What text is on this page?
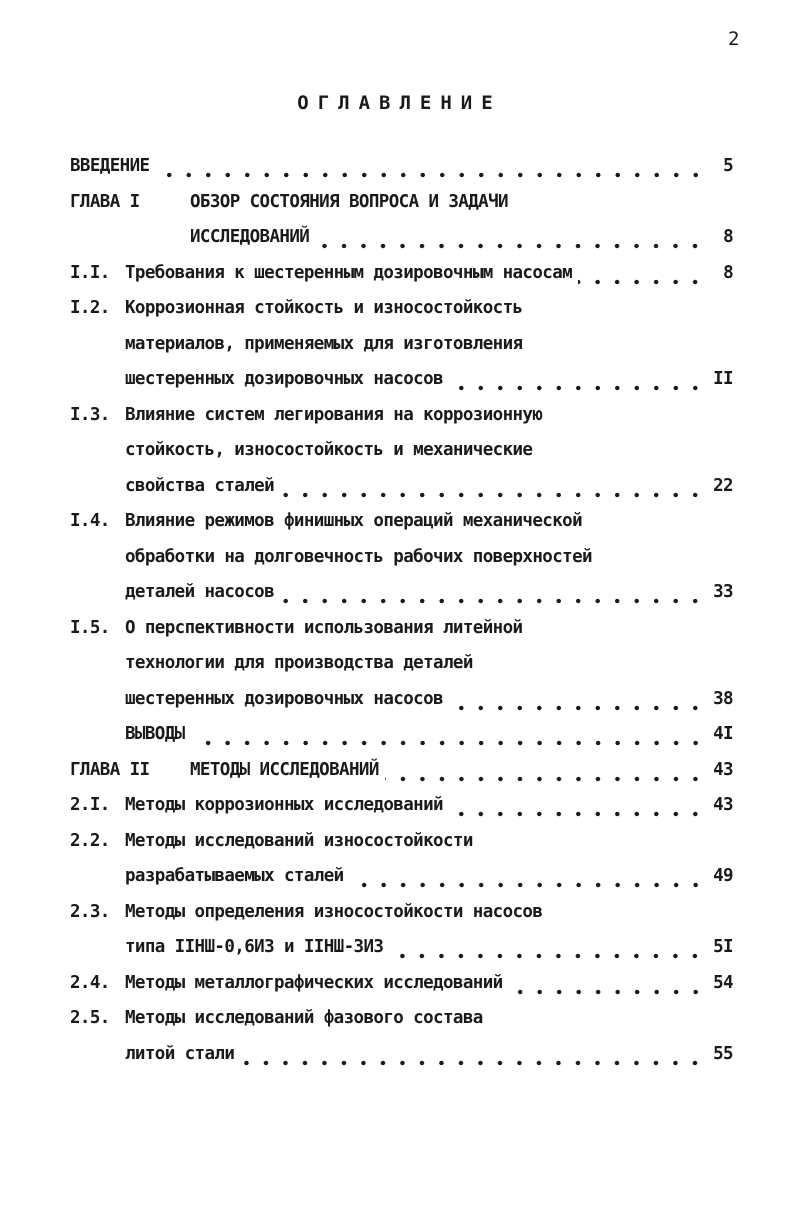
2
ОГЛАВЛЕНИЕ
ВВЕДЕНИЕ	5
ГЛАВА I	ОБЗОР СОСТОЯНИЯ ВОПРОСА И ЗАДАЧИ
ИССЛЕДОВАНИЙ	8
I.I. Требования к шестеренным дозировочным насосам	8
I.2. Коррозионная стойкость и износостойкость
материалов, применяемых для изготовления
шестеренных дозировочных насосов	II
I.3. Влияние систем легирования на коррозионную
стойкость, износостойкость и механические
свойства сталей	22
I.4. Влияние режимов финишных операций механической
обработки на долговечность рабочих поверхностей
деталей насосов	33
I.5. О перспективности использования литейной
технологии для производства деталей
шестеренных дозировочных насосов	38
ВЫВОДЫ	4I
ГЛАВА II	МЕТОДЫ ИССЛЕДОВАНИЙ	43
2.I. Методы коррозионных исследований	43
2.2. Методы исследований износостойкости
разрабатываемых сталей	49
2.3. Методы определения износостойкости насосов
типа IIНШ-0,6ИЗ и IIНШ-3ИЗ	5I
2.4. Методы металлографических исследований	54
2.5. Методы исследований фазового состава
литой стали	55
